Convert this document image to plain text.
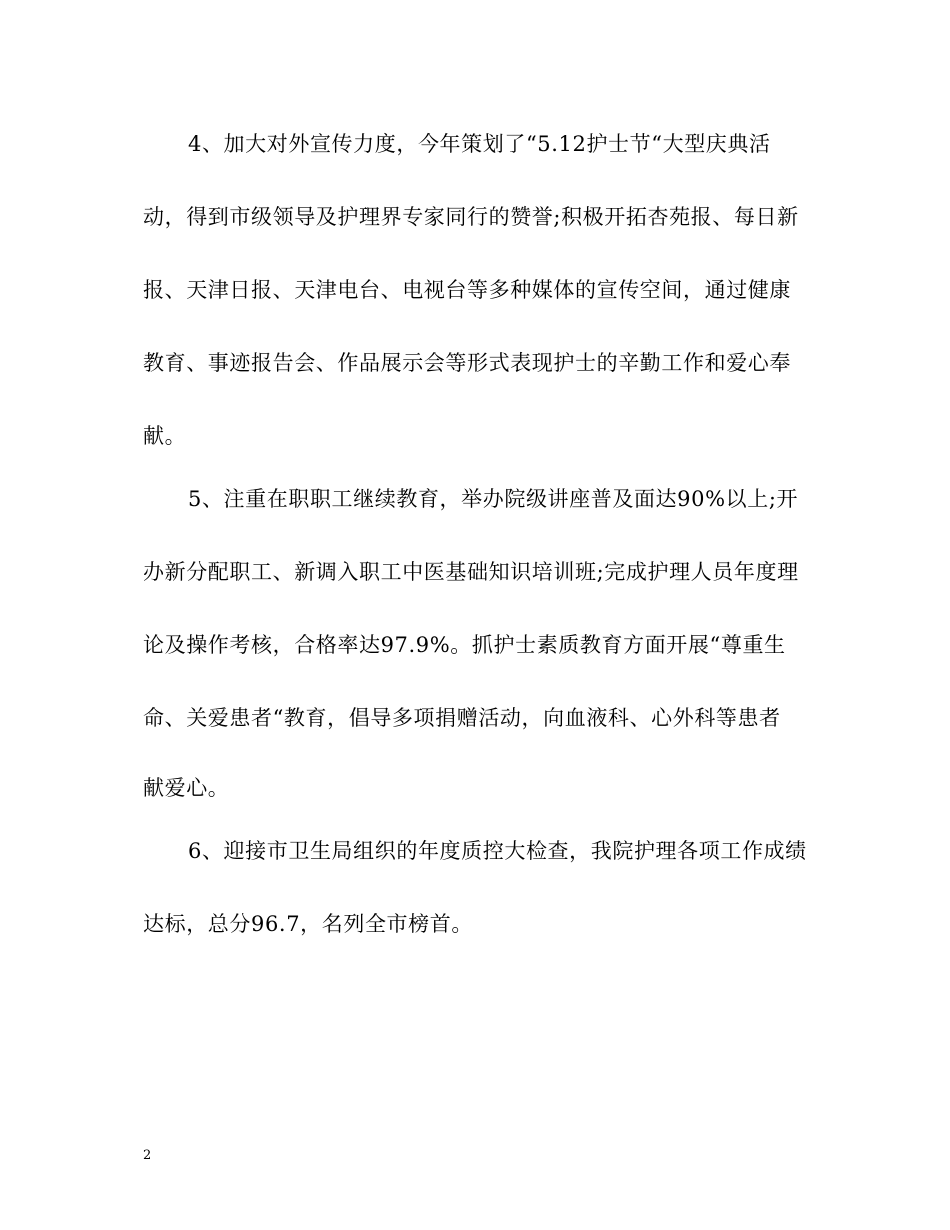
4、加大对外宣传力度，今年策划了“5.12护士节“大型庆典活
动，得到市级领导及护理界专家同行的赞誉;积极开拓杏苑报、每日新
报、天津日报、天津电台、电视台等多种媒体的宣传空间，通过健康
教育、事迹报告会、作品展示会等形式表现护士的辛勤工作和爱心奉
献。
5、注重在职职工继续教育，举办院级讲座普及面达90%以上;开
办新分配职工、新调入职工中医基础知识培训班;完成护理人员年度理
论及操作考核，合格率达97.9%。抓护士素质教育方面开展“尊重生
命、关爱患者“教育，倡导多项捐赠活动，向血液科、心外科等患者
献爱心。
6、迎接市卫生局组织的年度质控大检查，我院护理各项工作成绩
达标，总分96.7，名列全市榜首。
2
